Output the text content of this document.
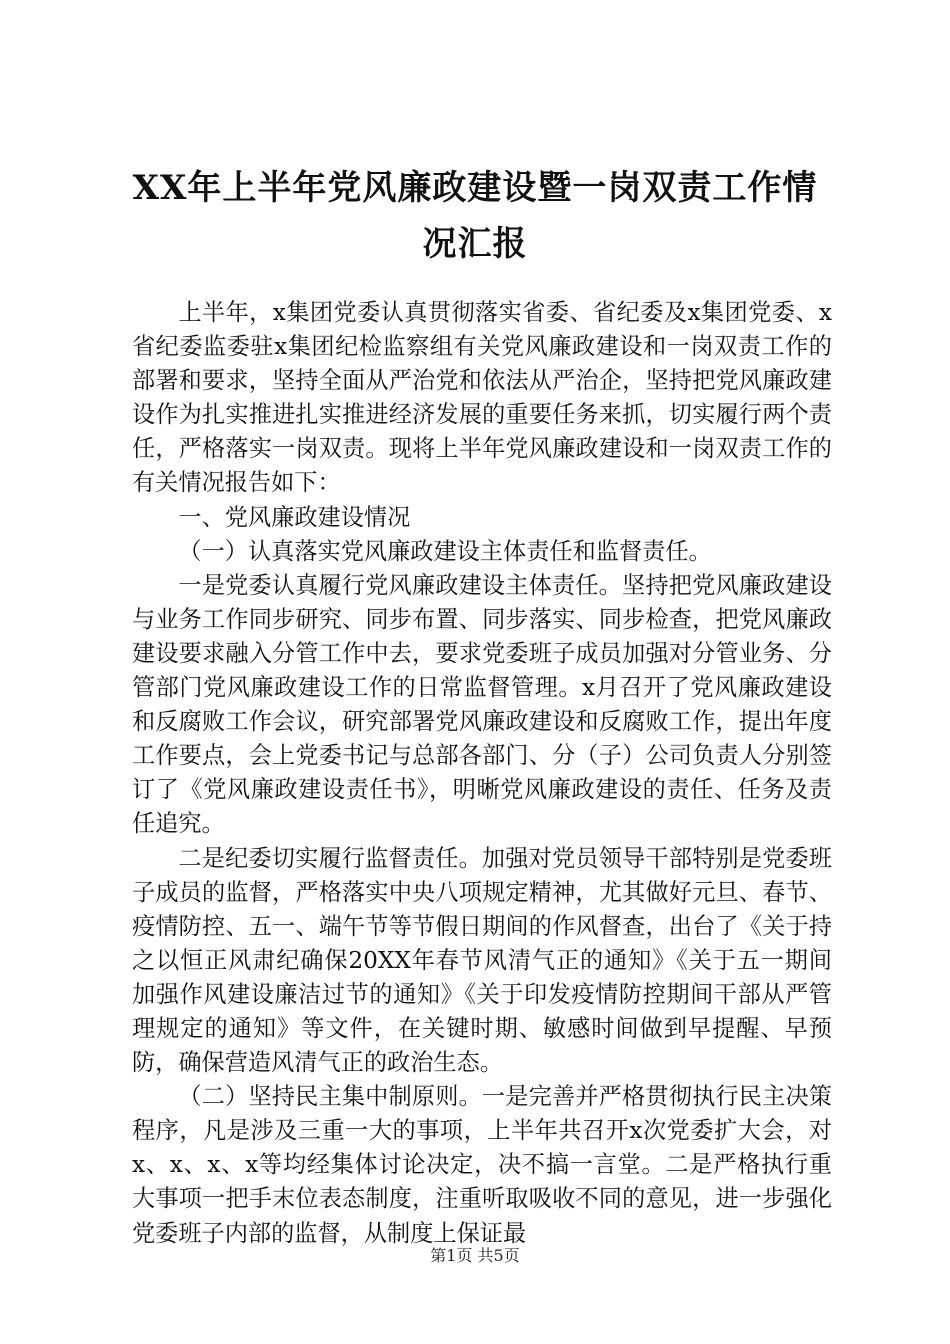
XX年上半年党风廉政建设暨一岗双责工作情
况汇报

上半年，x集团党委认真贯彻落实省委、省纪委及x集团党委、x省纪委监委驻x集团纪检监察组有关党风廉政建设和一岗双责工作的部署和要求，坚持全面从严治党和依法从严治企，坚持把党风廉政建设作为扎实推进扎实推进经济发展的重要任务来抓，切实履行两个责任，严格落实一岗双责。现将上半年党风廉政建设和一岗双责工作的有关情况报告如下：

一、党风廉政建设情况

（一）认真落实党风廉政建设主体责任和监督责任。

一是党委认真履行党风廉政建设主体责任。坚持把党风廉政建设与业务工作同步研究、同步布置、同步落实、同步检查，把党风廉政建设要求融入分管工作中去，要求党委班子成员加强对分管业务、分管部门党风廉政建设工作的日常监督管理。x月召开了党风廉政建设和反腐败工作会议，研究部署党风廉政建设和反腐败工作，提出年度工作要点，会上党委书记与总部各部门、分（子）公司负责人分别签订了《党风廉政建设责任书》，明晰党风廉政建设的责任、任务及责任追究。

二是纪委切实履行监督责任。加强对党员领导干部特别是党委班子成员的监督，严格落实中央八项规定精神，尤其做好元旦、春节、疫情防控、五一、端午节等节假日期间的作风督查，出台了《关于持之以恒正风肃纪确保20XX年春节风清气正的通知》《关于五一期间加强作风建设廉洁过节的通知》《关于印发疫情防控期间干部从严管理规定的通知》等文件，在关键时期、敏感时间做到早提醒、早预防，确保营造风清气正的政治生态。

（二）坚持民主集中制原则。一是完善并严格贯彻执行民主决策程序，凡是涉及三重一大的事项，上半年共召开x次党委扩大会，对x、x、x、x等均经集体讨论决定，决不搞一言堂。二是严格执行重大事项一把手末位表态制度，注重听取吸收不同的意见，进一步强化党委班子内部的监督，从制度上保证最

第1页 共5页
